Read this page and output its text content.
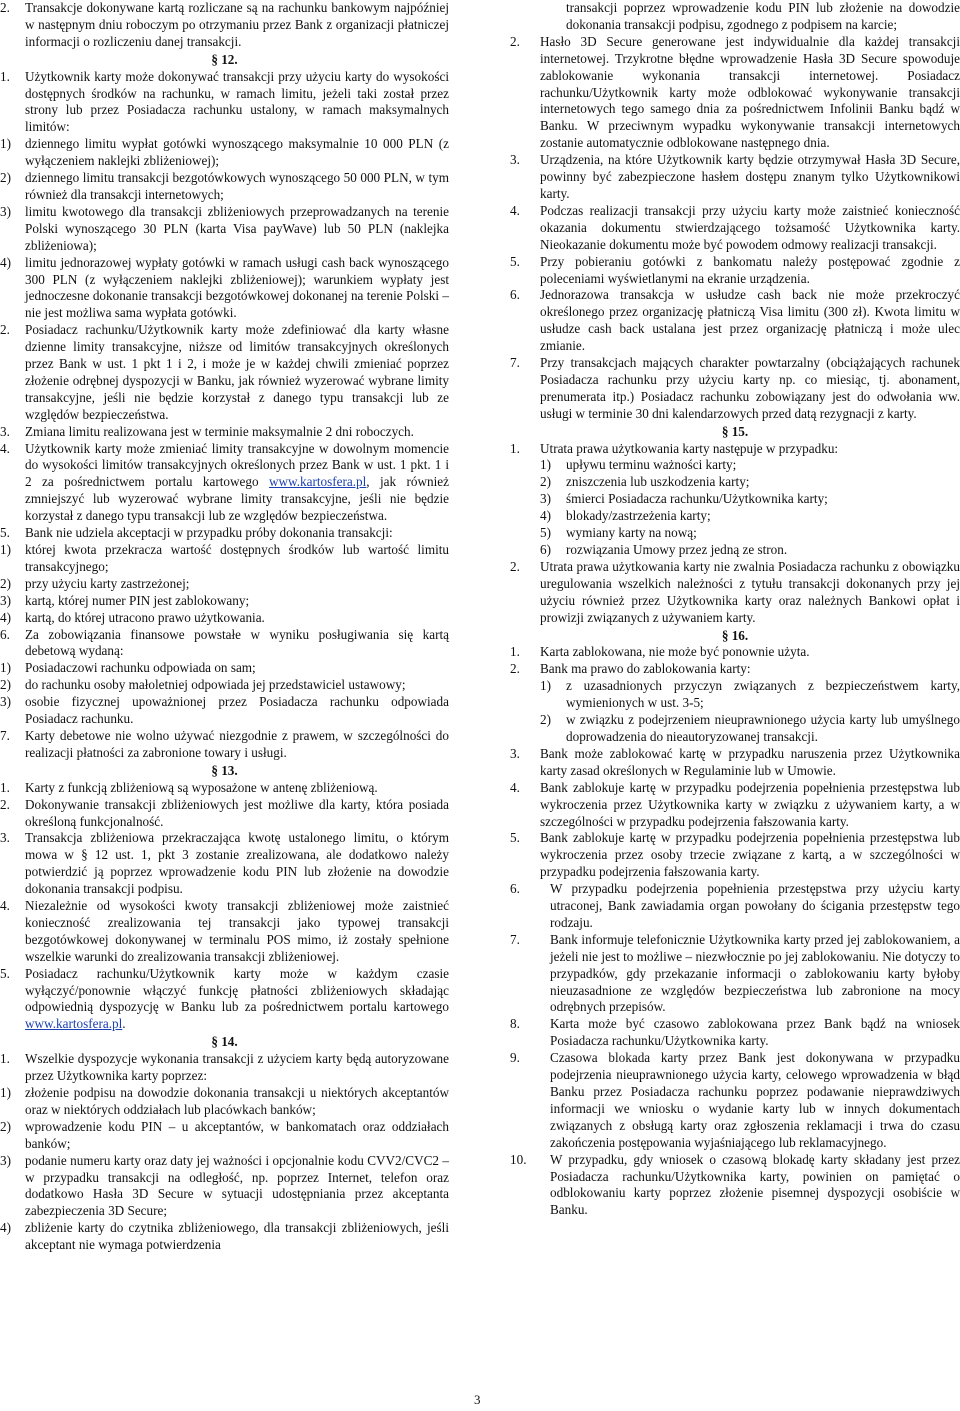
2.	Transakcje dokonywane kartą rozliczane są na rachunku bankowym najpóźniej w następnym dniu roboczym po otrzymaniu przez Bank z organizacji płatniczej informacji o rozliczeniu danej transakcji.
§ 12.
1.	Użytkownik karty może dokonywać transakcji przy użyciu karty do wysokości dostępnych środków na rachunku, w ramach limitu, jeżeli taki został przez strony lub przez Posiadacza rachunku ustalony, w ramach maksymalnych limitów:
1)	dziennego limitu wypłat gotówki wynoszącego maksymalnie 10 000 PLN (z wyłączeniem naklejki zbliżeniowej);
2)	dziennego limitu transakcji bezgotówkowych wynoszącego 50 000 PLN, w tym również dla transakcji internetowych;
3)	limitu kwotowego dla transakcji zbliżeniowych przeprowadzanych na terenie Polski wynoszącego 30 PLN (karta Visa payWave) lub 50 PLN (naklejka zbliżeniowa);
4)	limitu jednorazowej wypłaty gotówki w ramach usługi cash back wynoszącego 300 PLN (z wyłączeniem naklejki zbliżeniowej); warunkiem wypłaty jest jednoczesne dokonanie transakcji bezgotówkowej dokonanej na terenie Polski – nie jest możliwa sama wypłata gotówki.
2.	Posiadacz rachunku/Użytkownik karty może zdefiniować dla karty własne dzienne limity transakcyjne, niższe od limitów transakcyjnych określonych przez Bank w ust. 1 pkt 1 i 2, i może je w każdej chwili zmieniać poprzez złożenie odrębnej dyspozycji w Banku, jak również wyzerować wybrane limity transakcyjne, jeśli nie będzie korzystał z danego typu transakcji lub ze względów bezpieczeństwa.
3.	Zmiana limitu realizowana jest w terminie maksymalnie 2 dni roboczych.
4.	Użytkownik karty może zmieniać limity transakcyjne w dowolnym momencie do wysokości limitów transakcyjnych określonych przez Bank w ust. 1 pkt. 1 i 2 za pośrednictwem portalu kartowego www.kartosfera.pl, jak również zmniejszyć lub wyzerować wybrane limity transakcyjne, jeśli nie będzie korzystał z danego typu transakcji lub ze względów bezpieczeństwa.
5.	Bank nie udziela akceptacji w przypadku próby dokonania transakcji:
1)	której kwota przekracza wartość dostępnych środków lub wartość limitu transakcyjnego;
2)	przy użyciu karty zastrzeżonej;
3)	kartą, której numer PIN jest zablokowany;
4)	kartą, do której utracono prawo użytkowania.
6.	Za zobowiązania finansowe powstałe w wyniku posługiwania się kartą debetową wydaną:
1)	Posiadaczowi rachunku odpowiada on sam;
2)	do rachunku osoby małoletniej odpowiada jej przedstawiciel ustawowy;
3)	osobie fizycznej upoważnionej przez Posiadacza rachunku odpowiada Posiadacz rachunku.
7.	Karty debetowe nie wolno używać niezgodnie z prawem, w szczególności do realizacji płatności za zabronione towary i usługi.
§ 13.
1.	Karty z funkcją zbliżeniową są wyposażone w antenę zbliżeniową.
2.	Dokonywanie transakcji zbliżeniowych jest możliwe dla karty, która posiada określoną funkcjonalność.
3.	Transakcja zbliżeniowa przekraczająca kwotę ustalonego limitu, o którym mowa w § 12 ust. 1, pkt 3 zostanie zrealizowana, ale dodatkowo należy potwierdzić ją poprzez wprowadzenie kodu PIN lub złożenie na dowodzie dokonania transakcji podpisu.
4.	Niezależnie od wysokości kwoty transakcji zbliżeniowej może zaistnieć konieczność zrealizowania tej transakcji jako typowej transakcji bezgotówkowej dokonywanej w terminalu POS mimo, iż zostały spełnione wszelkie warunki do zrealizowania transakcji zbliżeniowej.
5.	Posiadacz rachunku/Użytkownik karty może w każdym czasie wyłączyć/ponownie włączyć funkcję płatności zbliżeniowych składając odpowiednią dyspozycję w Banku lub za pośrednictwem portalu kartowego www.kartosfera.pl.
§ 14.
1.	Wszelkie dyspozycje wykonania transakcji z użyciem karty będą autoryzowane przez Użytkownika karty poprzez:
1)	złożenie podpisu na dowodzie dokonania transakcji u niektórych akceptantów oraz w niektórych oddziałach lub placówkach banków;
2)	wprowadzenie kodu PIN – u akceptantów, w bankomatach oraz oddziałach banków;
3)	podanie numeru karty oraz daty jej ważności i opcjonalnie kodu CVV2/CVC2 – w przypadku transakcji na odległość, np. poprzez Internet, telefon oraz dodatkowo Hasła 3D Secure w sytuacji udostępniania przez akceptanta zabezpieczenia 3D Secure;
4)	zbliżenie karty do czytnika zbliżeniowego, dla transakcji zbliżeniowych, jeśli akceptant nie wymaga potwierdzenia
transakcji poprzez wprowadzenie kodu PIN lub złożenie na dowodzie dokonania transakcji podpisu, zgodnego z podpisem na karcie;
2.	Hasło 3D Secure generowane jest indywidualnie dla każdej transakcji internetowej. Trzykrotne błędne wprowadzenie Hasła 3D Secure spowoduje zablokowanie wykonania transakcji internetowej. Posiadacz rachunku/Użytkownik karty może odblokować wykonywanie transakcji internetowych tego samego dnia za pośrednictwem Infolinii Banku bądź w Banku. W przeciwnym wypadku wykonywanie transakcji internetowych zostanie automatycznie odblokowane następnego dnia.
3.	Urządzenia, na które Użytkownik karty będzie otrzymywał Hasła 3D Secure, powinny być zabezpieczone hasłem dostępu znanym tylko Użytkownikowi karty.
4.	Podczas realizacji transakcji przy użyciu karty może zaistnieć konieczność okazania dokumentu stwierdzającego tożsamość Użytkownika karty. Nieokazanie dokumentu może być powodem odmowy realizacji transakcji.
5.	Przy pobieraniu gotówki z bankomatu należy postępować zgodnie z poleceniami wyświetlanymi na ekranie urządzenia.
6.	Jednorazowa transakcja w usłudze cash back nie może przekroczyć określonego przez organizację płatniczą Visa limitu (300 zł). Kwota limitu w usłudze cash back ustalana jest przez organizację płatniczą i może ulec zmianie.
7.	Przy transakcjach mających charakter powtarzalny (obciążających rachunek Posiadacza rachunku przy użyciu karty np. co miesiąc, tj. abonament, prenumerata itp.) Posiadacz rachunku zobowiązany jest do odwołania ww. usługi w terminie 30 dni kalendarzowych przed datą rezygnacji z karty.
§ 15.
1.	Utrata prawa użytkowania karty następuje w przypadku:
1)	upływu terminu ważności karty;
2)	zniszczenia lub uszkodzenia karty;
3)	śmierci Posiadacza rachunku/Użytkownika karty;
4)	blokady/zastrzeżenia karty;
5)	wymiany karty na nową;
6)	rozwiązania Umowy przez jedną ze stron.
2.	Utrata prawa użytkowania karty nie zwalnia Posiadacza rachunku z obowiązku uregulowania wszelkich należności z tytułu transakcji dokonanych przy jej użyciu również przez Użytkownika karty oraz należnych Bankowi opłat i prowizji związanych z używaniem karty.
§ 16.
1.	Karta zablokowana, nie może być ponownie użyta.
2.	Bank ma prawo do zablokowania karty:
1)	z uzasadnionych przyczyn związanych z bezpieczeństwem karty, wymienionych w ust. 3-5;
2)	w związku z podejrzeniem nieuprawnionego użycia karty lub umyślnego doprowadzenia do nieautoryzowanej transakcji.
3.	Bank może zablokować kartę w przypadku naruszenia przez Użytkownika karty zasad określonych w Regulaminie lub w Umowie.
4.	Bank zablokuje kartę w przypadku podejrzenia popełnienia przestępstwa lub wykroczenia przez Użytkownika karty w związku z używaniem karty, a w szczególności w przypadku podejrzenia fałszowania karty.
5.	Bank zablokuje kartę w przypadku podejrzenia popełnienia przestępstwa lub wykroczenia przez osoby trzecie związane z kartą, a w szczególności w przypadku podejrzenia fałszowania karty.
6.	W przypadku podejrzenia popełnienia przestępstwa przy użyciu karty utraconej, Bank zawiadamia organ powołany do ścigania przestępstw tego rodzaju.
7.	Bank informuje telefonicznie Użytkownika karty przed jej zablokowaniem, a jeżeli nie jest to możliwe – niezwłocznie po jej zablokowaniu. Nie dotyczy to przypadków, gdy przekazanie informacji o zablokowaniu karty byłoby nieuzasadnione ze względów bezpieczeństwa lub zabronione na mocy odrębnych przepisów.
8.	Karta może być czasowo zablokowana przez Bank bądź na wniosek Posiadacza rachunku/Użytkownika karty.
9.	Czasowa blokada karty przez Bank jest dokonywana w przypadku podejrzenia nieuprawnionego użycia karty, celowego wprowadzenia w błąd Banku przez Posiadacza rachunku poprzez podawanie nieprawdziwych informacji we wniosku o wydanie karty lub w innych dokumentach związanych z obsługą karty oraz zgłoszenia reklamacji i trwa do czasu zakończenia postępowania wyjaśniającego lub reklamacyjnego.
10.	W przypadku, gdy wniosek o czasową blokadę karty składany jest przez Posiadacza rachunku/Użytkownika karty, powinien on pamiętać o odblokowaniu karty poprzez złożenie pisemnej dyspozycji osobiście w Banku.
3
